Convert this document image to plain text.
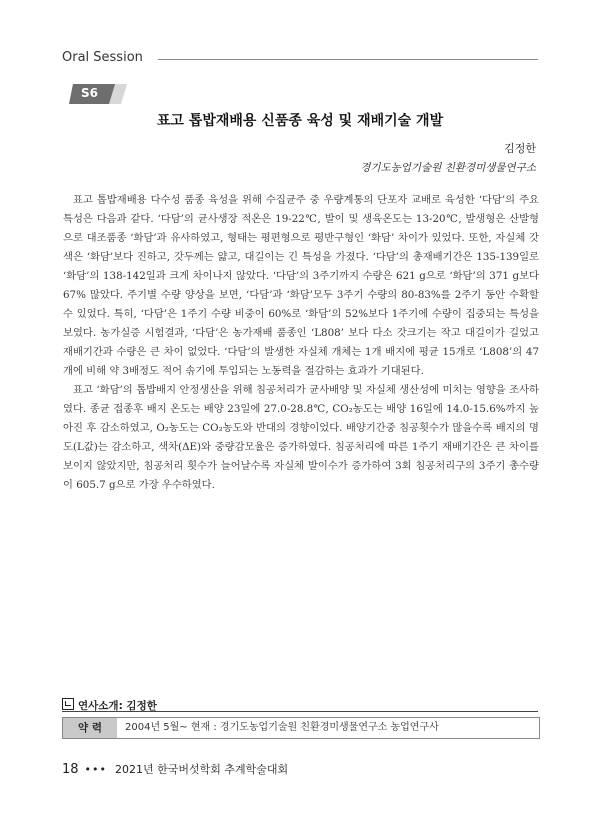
Oral Session
S6
표고 톱밥재배용 신품종 육성 및 재배기술 개발
김정한
경기도농업기술원 친환경미생물연구소

표고 톱밥재배용 다수성 품종 육성을 위해 수집균주 중 우량계통의 단포자 교배로 육성한 ‘다담’의 주요 특성은 다음과 같다. ‘다담’의 균사생장 적온은 19-22℃, 발이 및 생육온도는 13-20℃, 발생형은 산발형으로 대조품종 ‘화담’과 유사하였고, 형태는 평편형으로 평반구형인 ‘화담’ 차이가 있었다. 또한, 자실체 갓색은 ‘화담’보다 진하고, 갓두께는 얇고, 대길이는 긴 특성을 가졌다. ‘다담’의 총재배기간은 135-139일로 ‘화담’의 138-142일과 크게 차이나지 않았다. ‘다담’의 3주기까지 수량은 621 g으로 ‘화담’의 371 g보다 67% 많았다. 주기별 수량 양상을 보면, ‘다담’과 ‘화담’모두 3주기 수량의 80-83%를 2주기 동안 수확할 수 있었다. 특히, ‘다담’은 1주기 수량 비중이 60%로 ‘화담’의 52%보다 1주기에 수량이 집중되는 특성을 보였다. 농가실증 시험결과, ‘다담’은 농가재배 품종인 ‘L808’ 보다 다소 갓크기는 작고 대길이가 길었고 재배기간과 수량은 큰 차이 없었다. ‘다담’의 발생한 자실체 개체는 1개 배지에 평균 15개로 ‘L808’의 47개에 비해 약 3배정도 적어 솎기에 투입되는 노동력을 절감하는 효과가 기대된다.

표고 ‘화담’의 톱밥배지 안정생산을 위해 침공처리가 균사배양 및 자실체 생산성에 미치는 영향을 조사하였다. 종균 접종후 배지 온도는 배양 23일에 27.0-28.8℃, CO₂농도는 배양 16일에 14.0-15.6%까지 높아진 후 감소하였고, O₂농도는 CO₂농도와 반대의 경향이었다. 배양기간중 침공횟수가 많을수록 배지의 명도(L값)는 감소하고, 색차(ΔE)와 중량감모율은 증가하였다. 침공처리에 따른 1주기 재배기간은 큰 차이를 보이지 않았지만, 침공처리 횟수가 늘어날수록 자실체 발이수가 증가하여 3회 침공처리구의 3주기 총수량이 605.7 g으로 가장 우수하였다.

연사소개: 김정한
약 력	2004년 5월~ 현재 : 경기도농업기술원 친환경미생물연구소 농업연구사
18 ••• 2021년 한국버섯학회 추계학술대회
